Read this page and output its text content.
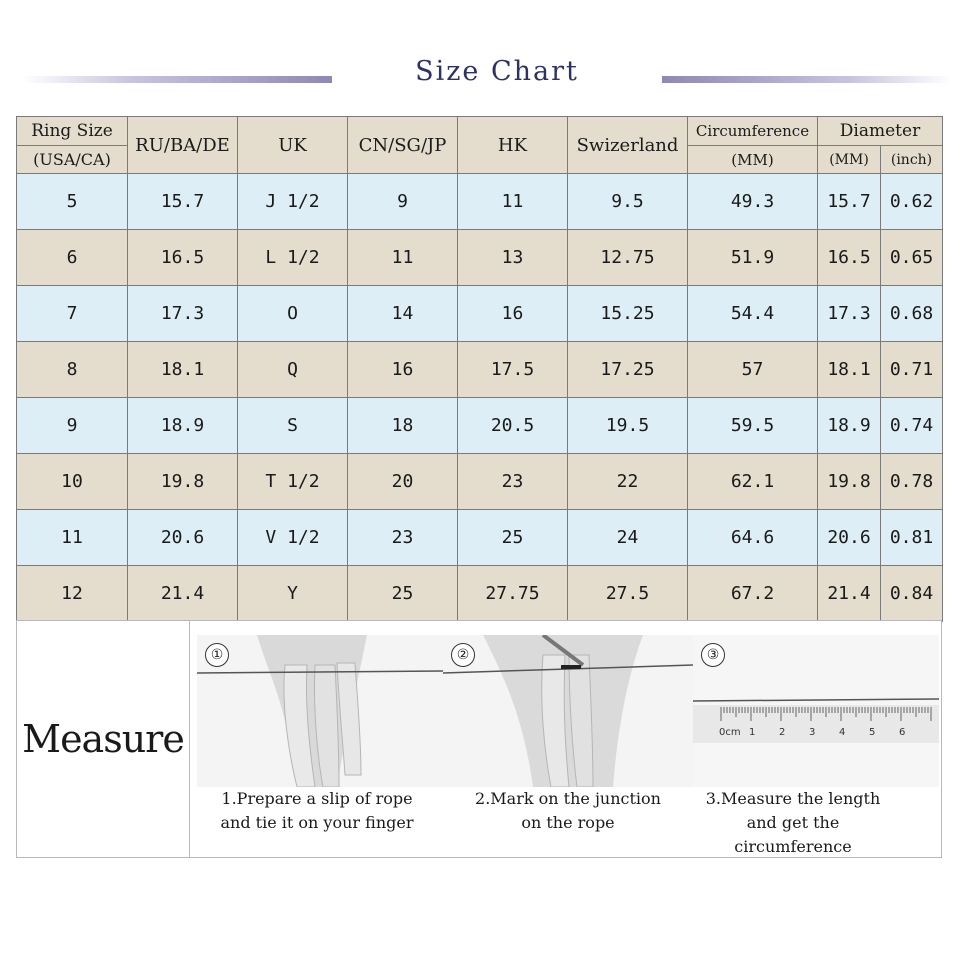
Size Chart
Ring Size	RU/BA/DE	UK	CN/SG/JP	HK	Swizerland	Circumference	Diameter	
(USA/CA)						(MM)	(MM)	(inch)
5	15.7	J 1/2	9	11	9.5	49.3	15.7	0.62
6	16.5	L 1/2	11	13	12.75	51.9	16.5	0.65
7	17.3	O	14	16	15.25	54.4	17.3	0.68
8	18.1	Q	16	17.5	17.25	57	18.1	0.71
9	18.9	S	18	20.5	19.5	59.5	18.9	0.74
10	19.8	T 1/2	20	23	22	62.1	19.8	0.78
11	20.6	V 1/2	23	25	24	64.6	20.6	0.81
12	21.4	Y	25	27.75	27.5	67.2	21.4	0.84
Measure
①
1.Prepare a slip of rope and tie it on your finger
②
2.Mark on the junction on the rope
0cm 1 2 3 4 5 6
③
3.Measure the length and get the circumference
